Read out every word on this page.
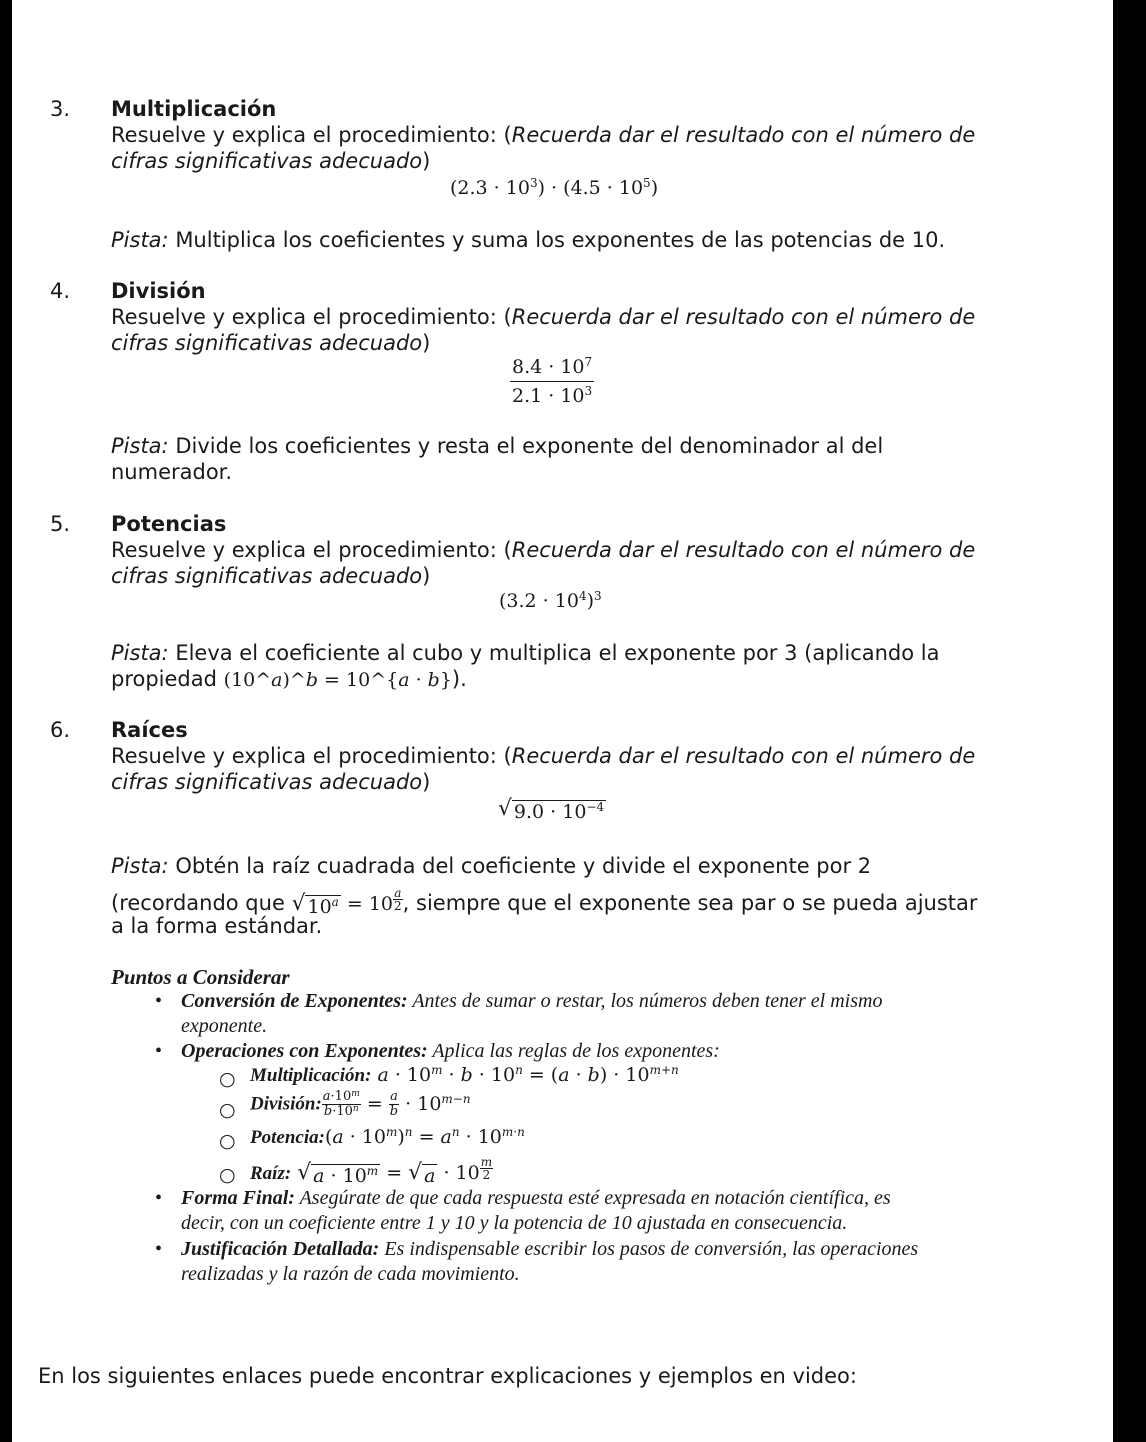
3. Multiplicación
Resuelve y explica el procedimiento: (Recuerda dar el resultado con el número de
cifras significativas adecuado)
$(2.3 \cdot 10^3) \cdot (4.5 \cdot 10^5)$
Pista: Multiplica los coeficientes y suma los exponentes de las potencias de 10.
4. División
Resuelve y explica el procedimiento: (Recuerda dar el resultado con el número de
cifras significativas adecuado)
$\frac{8.4 \cdot 10^7}{2.1 \cdot 10^3}$
Pista: Divide los coeficientes y resta el exponente del denominador al del
numerador.
5. Potencias
Resuelve y explica el procedimiento: (Recuerda dar el resultado con el número de
cifras significativas adecuado)
$(3.2 \cdot 10^4)^3$
Pista: Eleva el coeficiente al cubo y multiplica el exponente por 3 (aplicando la
propiedad (10^a)^b = 10^{a · b}).
6. Raíces
Resuelve y explica el procedimiento: (Recuerda dar el resultado con el número de
cifras significativas adecuado)
√ $9.0 \cdot 10^{-4}$
Pista: Obtén la raíz cuadrada del coeficiente y divide el exponente por 2
(recordando que √ $10^a = 10$ $^{\frac{a}{2}}$ , siempre que el exponente sea par o se pueda ajustar
a la forma estándar.
Puntos a Considerar
• Conversión de Exponentes: Antes de sumar o restar, los números deben tener el mismo
exponente.
• Operaciones con Exponentes: Aplica las reglas de los exponentes:
○ Multiplicación: $a \cdot 10^m \cdot b \cdot 10^n = (a \cdot b) \cdot 10^{m+n}$
○ División: $\frac{a\cdot 10^m}{b\cdot 10^n} = \frac{a}{b} \cdot 10^{m-n}$
○ Potencia:(a · $10^m)^n = a^n \cdot 10^{m\cdot n}$
○ Raíz: √ $a \cdot 10^m$ = √ a · 10 $^{\frac{m}{2}}$
• Forma Final: Asegúrate de que cada respuesta esté expresada en notación científica, es
decir, con un coeficiente entre 1 y 10 y la potencia de 10 ajustada en consecuencia.
• Justificación Detallada: Es indispensable escribir los pasos de conversión, las operaciones
realizadas y la razón de cada movimiento.
En los siguientes enlaces puede encontrar explicaciones y ejemplos en video:
